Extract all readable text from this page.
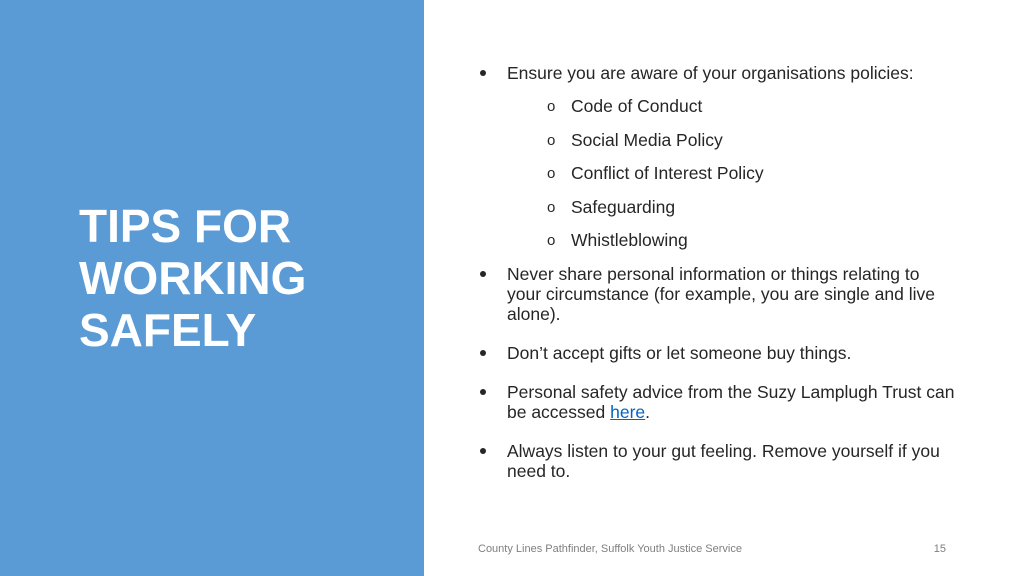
TIPS FOR
WORKING
SAFELY
Ensure you are aware of your organisations policies:
o Code of Conduct
o Social Media Policy
o Conflict of Interest Policy
o Safeguarding
o Whistleblowing
Never share personal information or things relating to your circumstance (for example, you are single and live alone).
Don’t accept gifts or let someone buy things.
Personal safety advice from the Suzy Lamplugh Trust can be accessed here.
Always listen to your gut feeling. Remove yourself if you need to.
County Lines Pathfinder, Suffolk Youth Justice Service	15
